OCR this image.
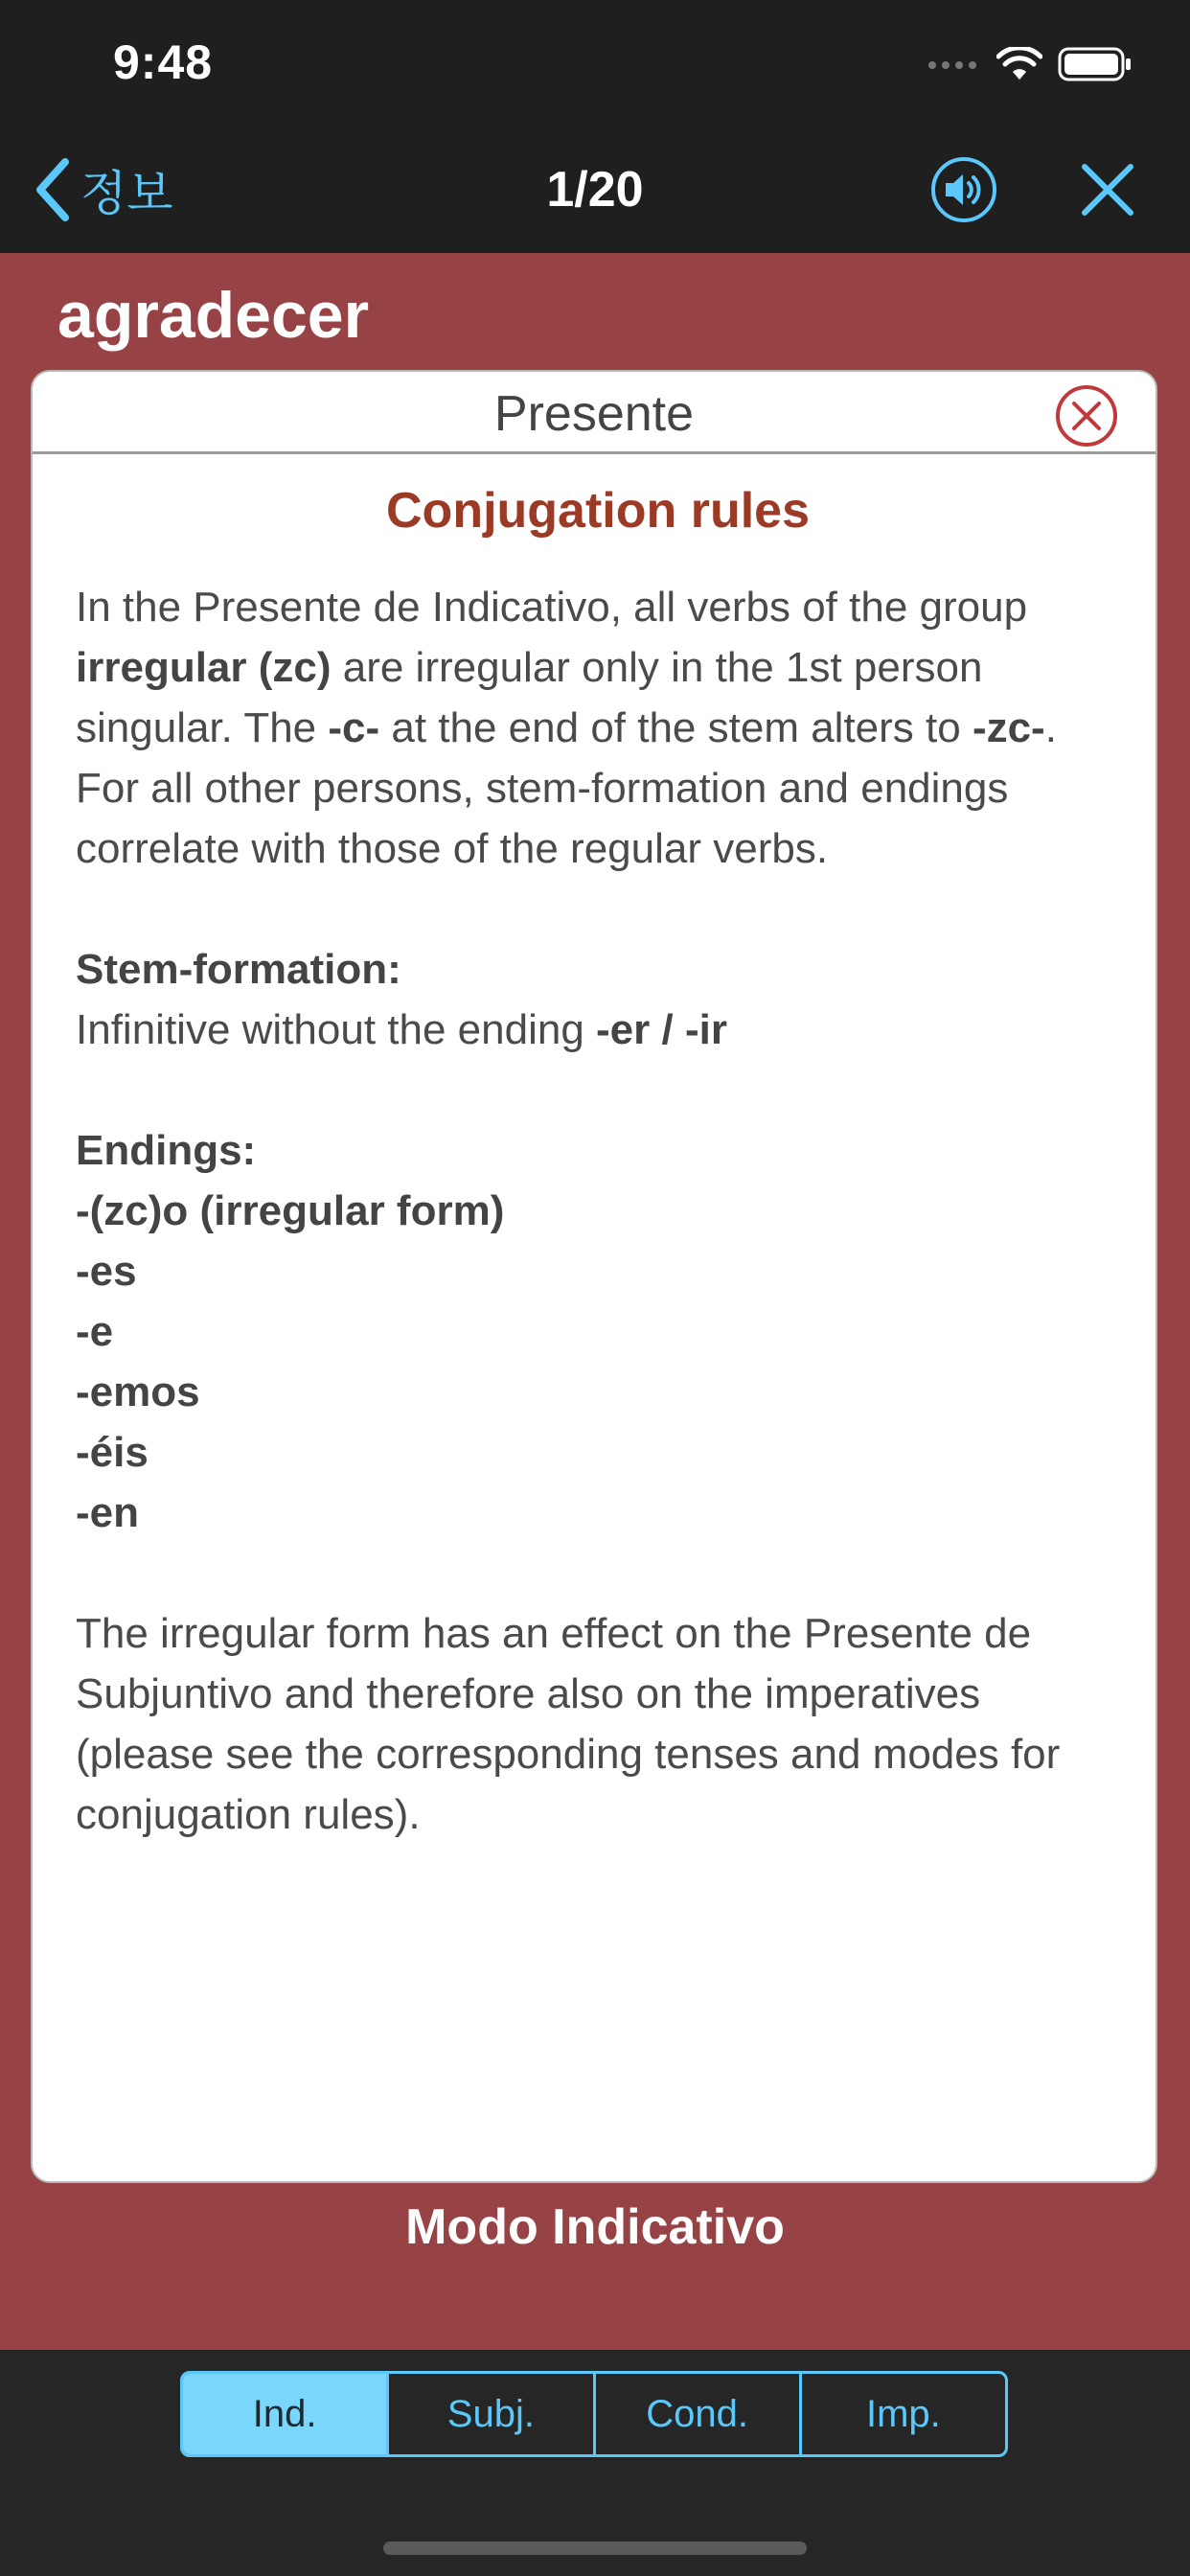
9:48
정보	1/20
agradecer
Presente
Conjugation rules

In the Presente de Indicativo, all verbs of the group irregular (zc) are irregular only in the 1st person singular. The -c- at the end of the stem alters to -zc-. For all other persons, stem-formation and endings correlate with those of the regular verbs.

Stem-formation:
Infinitive without the ending -er / -ir

Endings:
-(zc)o (irregular form)
-es
-e
-emos
-éis
-en

The irregular form has an effect on the Presente de Subjuntivo and therefore also on the imperatives (please see the corresponding tenses and modes for conjugation rules).

Modo Indicativo
Ind.	Subj.	Cond.	Imp.
